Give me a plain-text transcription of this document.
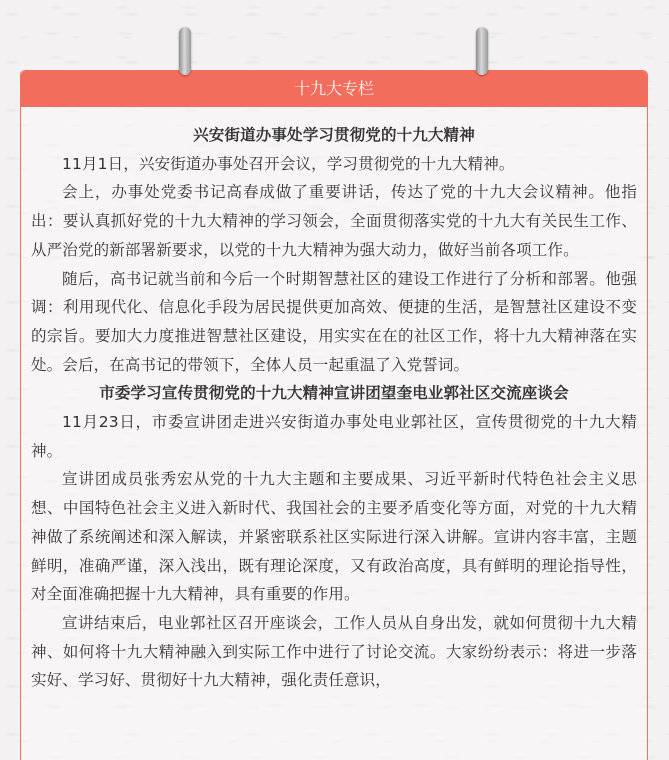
十九大专栏

兴安街道办事处学习贯彻党的十九大精神

11月1日，兴安街道办事处召开会议，学习贯彻党的十九大精神。

会上，办事处党委书记高春成做了重要讲话，传达了党的十九大会议精神。他指出：要认真抓好党的十九大精神的学习领会，全面贯彻落实党的十九大有关民生工作、从严治党的新部署新要求，以党的十九大精神为强大动力，做好当前各项工作。

随后，高书记就当前和今后一个时期智慧社区的建设工作进行了分析和部署。他强调：利用现代化、信息化手段为居民提供更加高效、便捷的生活，是智慧社区建设不变的宗旨。要加大力度推进智慧社区建设，用实实在在的社区工作，将十九大精神落在实处。会后，在高书记的带领下，全体人员一起重温了入党誓词。

市委学习宣传贯彻党的十九大精神宣讲团望奎电业郭社区交流座谈会

11月23日，市委宣讲团走进兴安街道办事处电业郭社区，宣传贯彻党的十九大精神。

宣讲团成员张秀宏从党的十九大主题和主要成果、习近平新时代特色社会主义思想、中国特色社会主义进入新时代、我国社会的主要矛盾变化等方面，对党的十九大精神做了系统阐述和深入解读，并紧密联系社区实际进行深入讲解。宣讲内容丰富，主题鲜明，准确严谨，深入浅出，既有理论深度，又有政治高度，具有鲜明的理论指导性，对全面准确把握十九大精神，具有重要的作用。

宣讲结束后，电业郭社区召开座谈会，工作人员从自身出发，就如何贯彻十九大精神、如何将十九大精神融入到实际工作中进行了讨论交流。大家纷纷表示：将进一步落实好、学习好、贯彻好十九大精神，强化责任意识，
